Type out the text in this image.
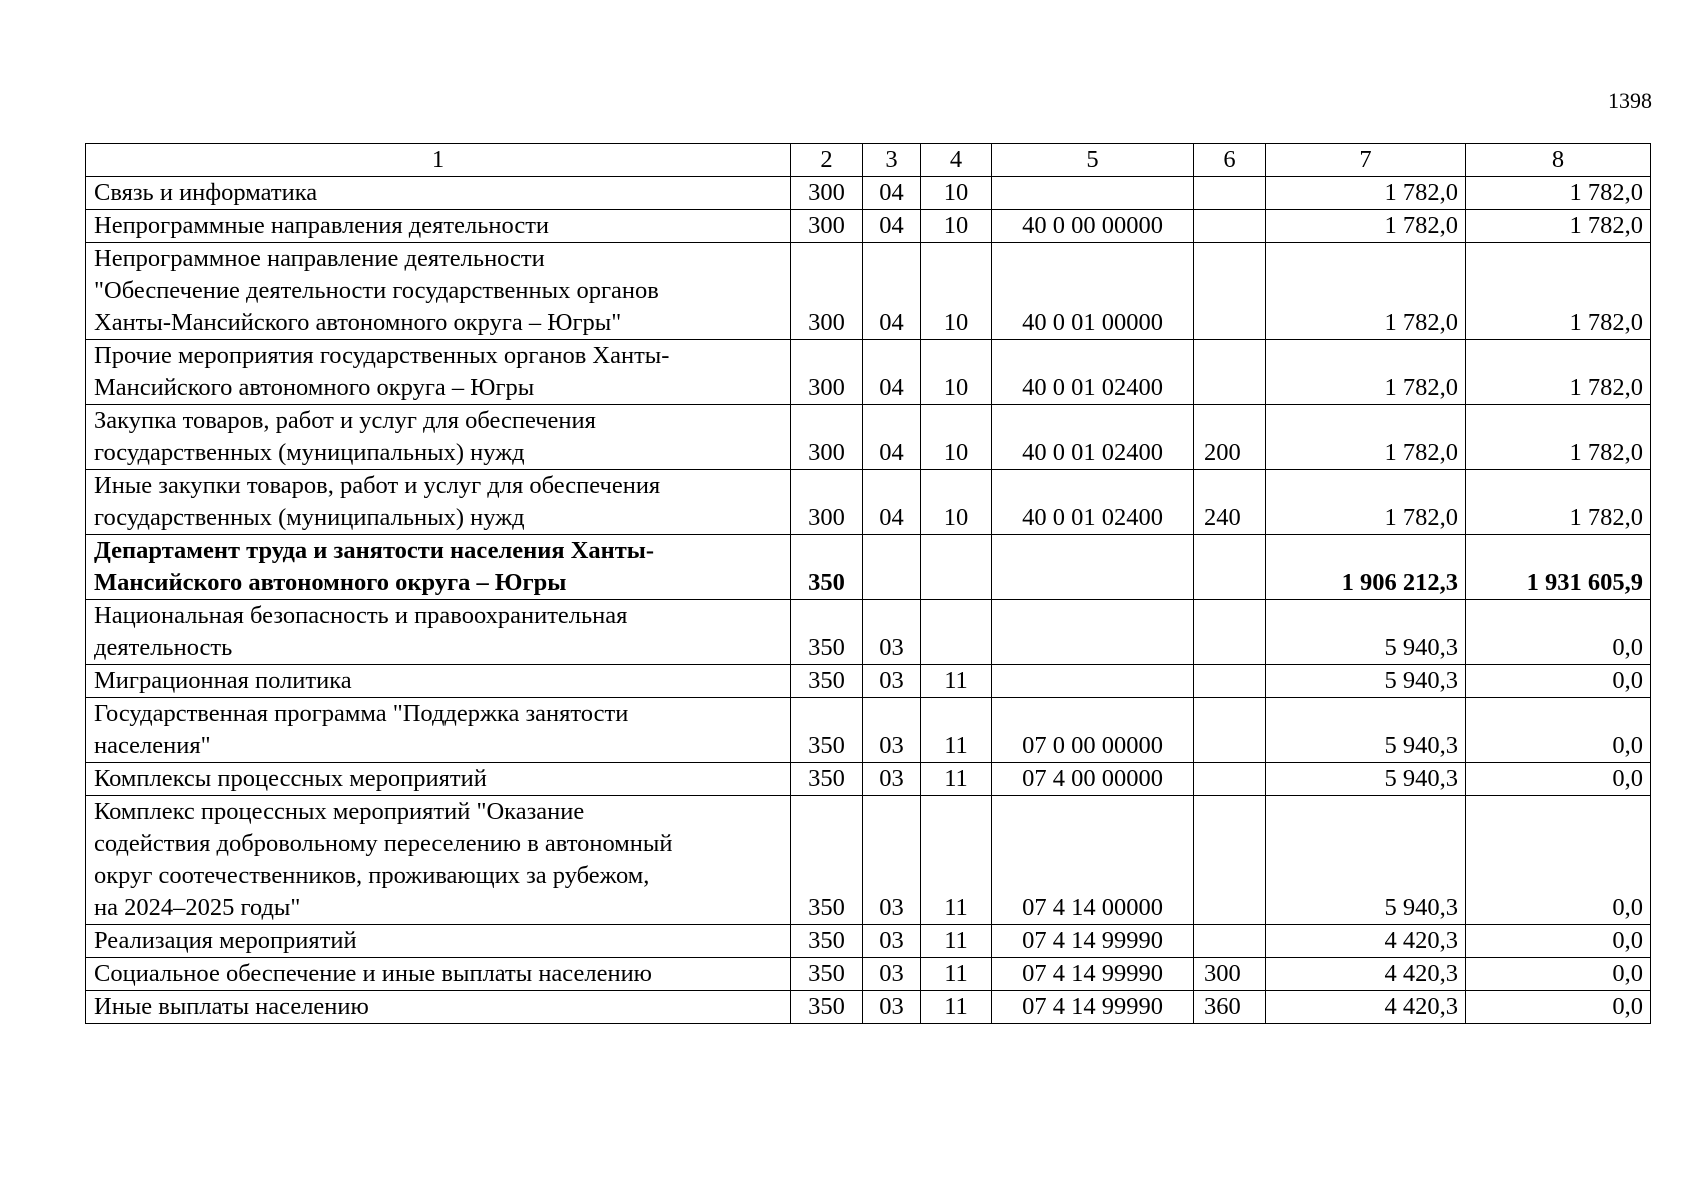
1398
1	2	3	4	5	6	7	8
Связь и информатика	300	04	10			1 782,0	1 782,0
Непрограммные направления деятельности	300	04	10	40 0 00 00000		1 782,0	1 782,0
Непрограммное направление деятельности
"Обеспечение деятельности государственных органов
Ханты-Мансийского автономного округа – Югры"	300	04	10	40 0 01 00000		1 782,0	1 782,0
Прочие мероприятия государственных органов Ханты-
Мансийского автономного округа – Югры	300	04	10	40 0 01 02400		1 782,0	1 782,0
Закупка товаров, работ и услуг для обеспечения
государственных (муниципальных) нужд	300	04	10	40 0 01 02400	200	1 782,0	1 782,0
Иные закупки товаров, работ и услуг для обеспечения
государственных (муниципальных) нужд	300	04	10	40 0 01 02400	240	1 782,0	1 782,0
Департамент труда и занятости населения Ханты-
Мансийского автономного округа – Югры	350					1 906 212,3	1 931 605,9
Национальная безопасность и правоохранительная
деятельность	350	03				5 940,3	0,0
Миграционная политика	350	03	11			5 940,3	0,0
Государственная программа "Поддержка занятости
населения"	350	03	11	07 0 00 00000		5 940,3	0,0
Комплексы процессных мероприятий	350	03	11	07 4 00 00000		5 940,3	0,0
Комплекс процессных мероприятий "Оказание
содействия добровольному переселению в автономный
округ соотечественников, проживающих за рубежом,
на 2024–2025 годы"	350	03	11	07 4 14 00000		5 940,3	0,0
Реализация мероприятий	350	03	11	07 4 14 99990		4 420,3	0,0
Социальное обеспечение и иные выплаты населению	350	03	11	07 4 14 99990	300	4 420,3	0,0
Иные выплаты населению	350	03	11	07 4 14 99990	360	4 420,3	0,0
